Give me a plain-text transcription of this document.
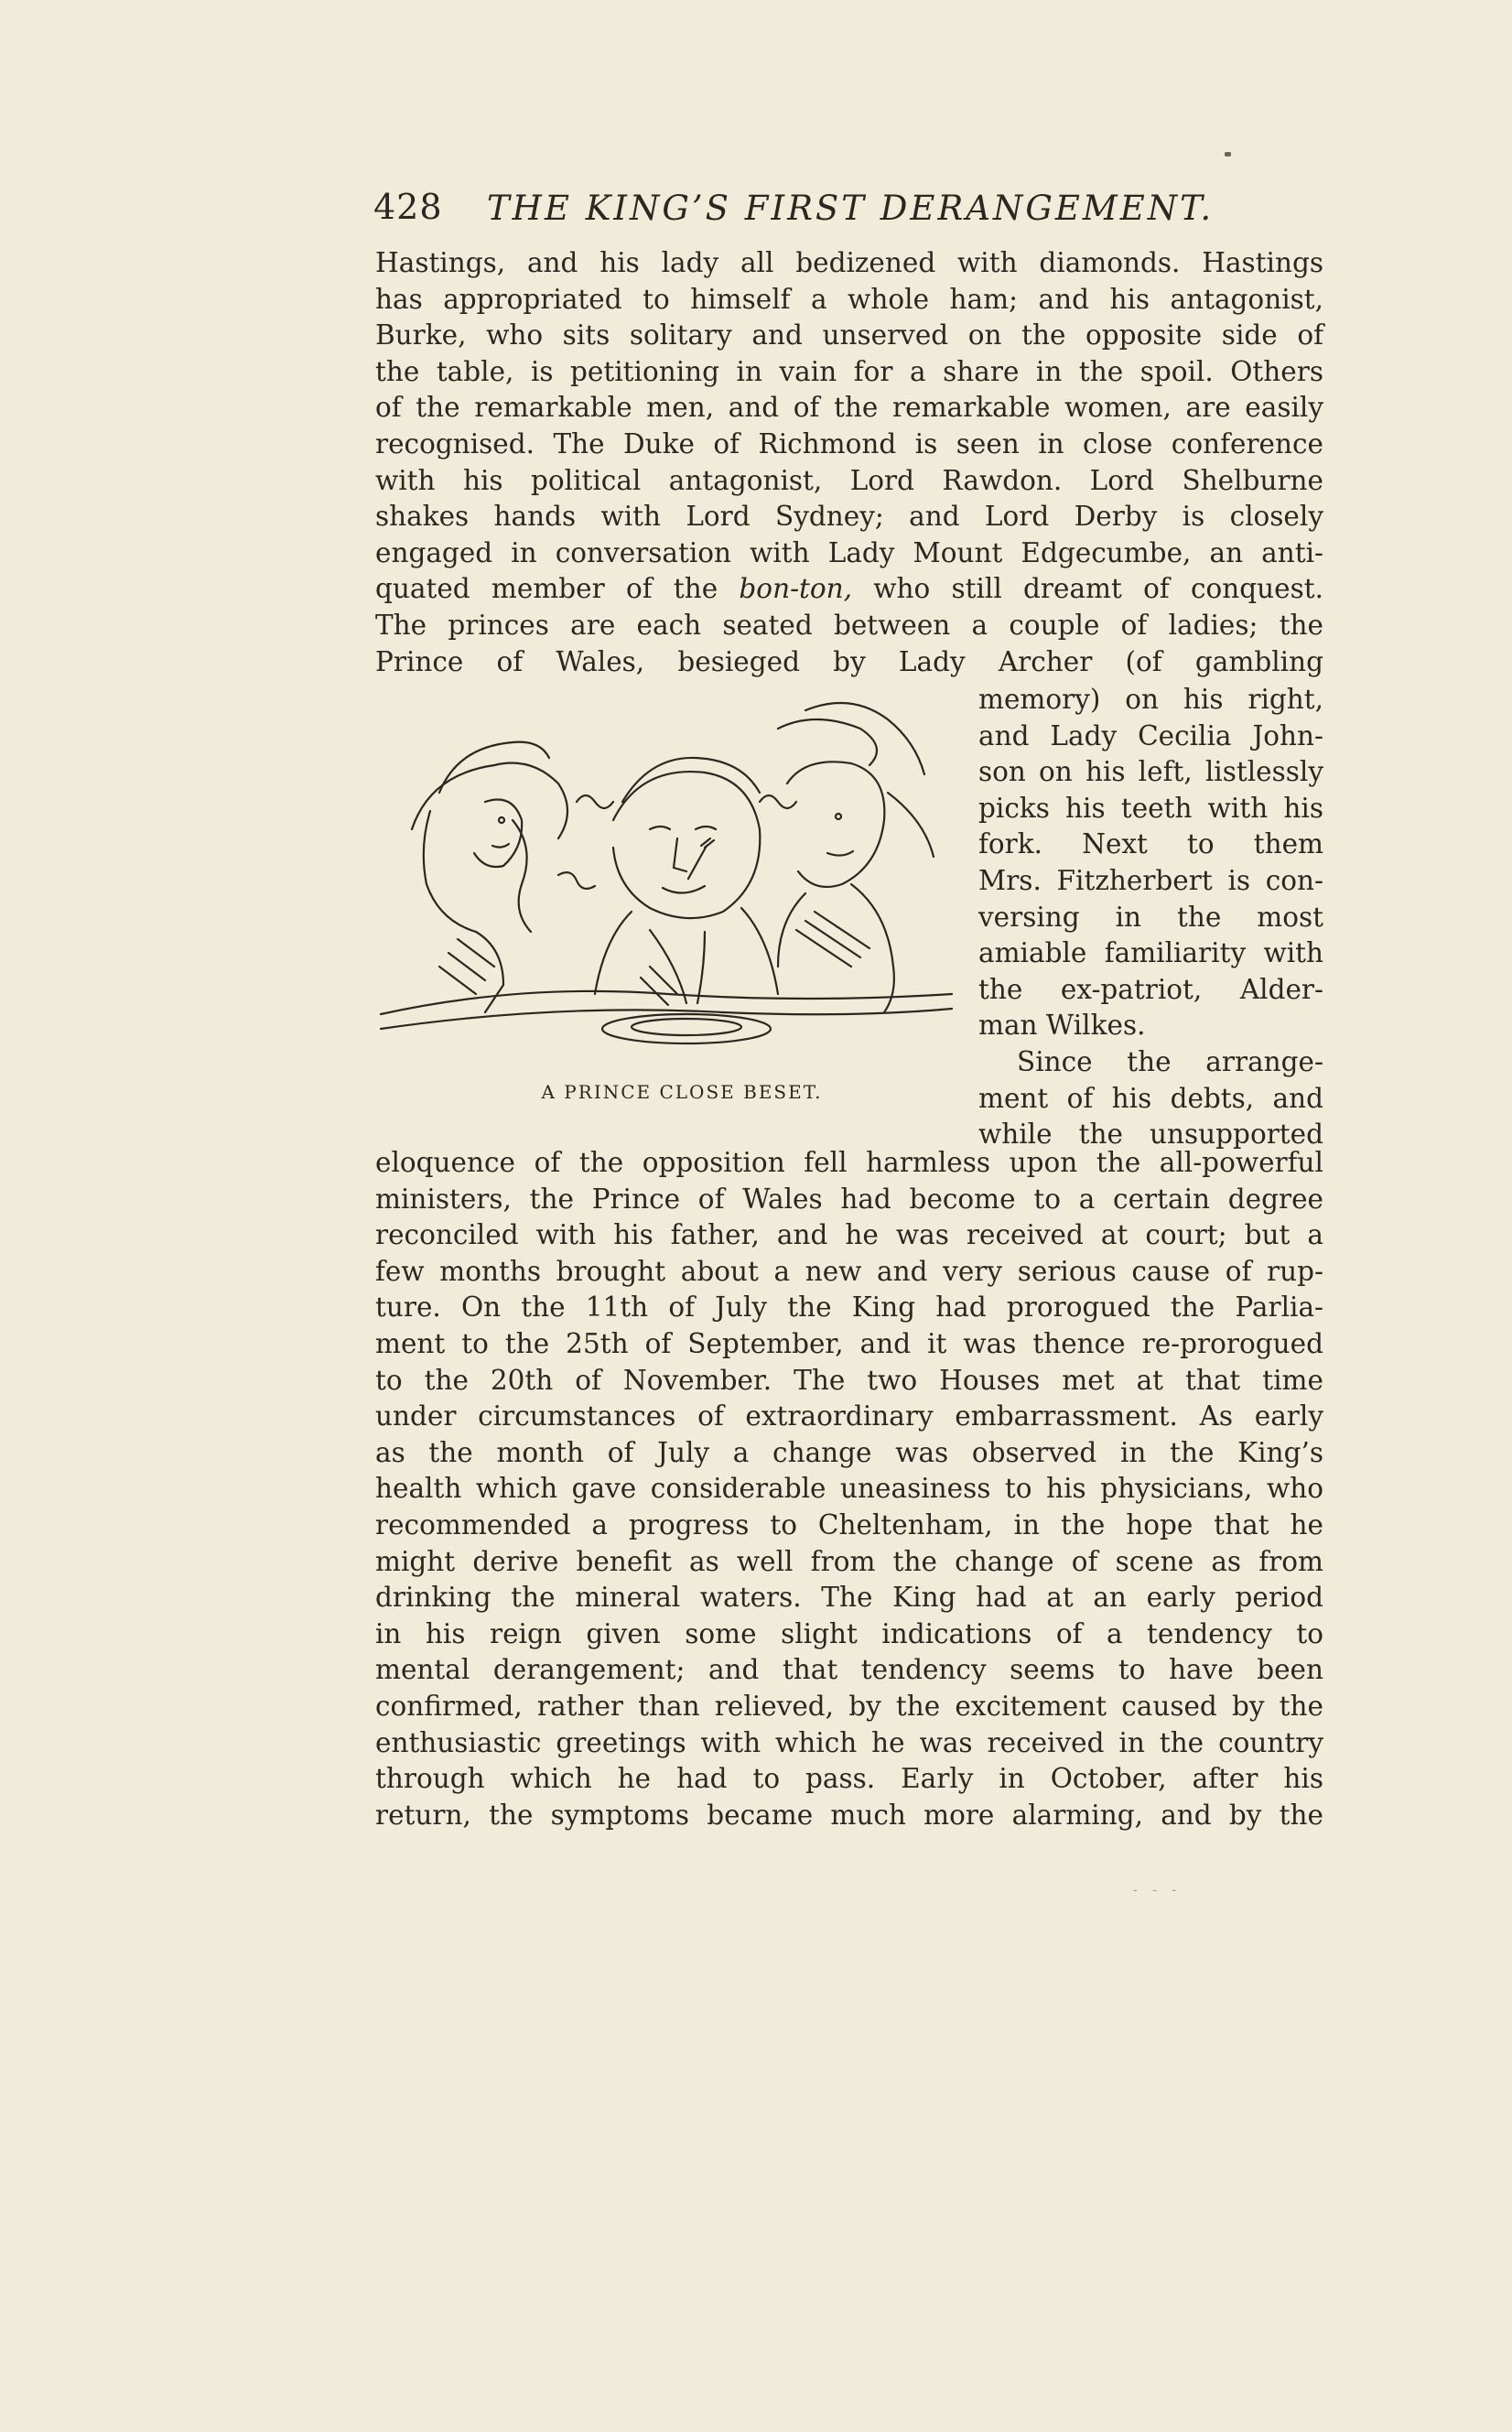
428 THE KING’S FIRST DERANGEMENT.
Hastings, and his lady all bedizened with diamonds. Hastings
has appropriated to himself a whole ham; and his antagonist,
Burke, who sits solitary and unserved on the opposite side of
the table, is petitioning in vain for a share in the spoil. Others
of the remarkable men, and of the remarkable women, are easily
recognised. The Duke of Richmond is seen in close conference
with his political antagonist, Lord Rawdon. Lord Shelburne
shakes hands with Lord Sydney; and Lord Derby is closely
engaged in conversation with Lady Mount Edgecumbe, an anti-
quated member of the bon-ton, who still dreamt of conquest.
The princes are each seated between a couple of ladies; the
Prince of Wales, besieged by Lady Archer (of gambling
A PRINCE CLOSE BESET.
memory) on his right,
and Lady Cecilia John-
son on his left, listlessly
picks his teeth with his
fork. Next to them
Mrs. Fitzherbert is con-
versing in the most
amiable familiarity with
the ex-patriot, Alder-
man Wilkes.
Since the arrange-
ment of his debts, and
while the unsupported
eloquence of the opposition fell harmless upon the all-powerful
ministers, the Prince of Wales had become to a certain degree
reconciled with his father, and he was received at court; but a
few months brought about a new and very serious cause of rup-
ture. On the 11th of July the King had prorogued the Parlia-
ment to the 25th of September, and it was thence re-prorogued
to the 20th of November. The two Houses met at that time
under circumstances of extraordinary embarrassment. As early
as the month of July a change was observed in the King’s
health which gave considerable uneasiness to his physicians, who
recommended a progress to Cheltenham, in the hope that he
might derive benefit as well from the change of scene as from
drinking the mineral waters. The King had at an early period
in his reign given some slight indications of a tendency to
mental derangement; and that tendency seems to have been
confirmed, rather than relieved, by the excitement caused by the
enthusiastic greetings with which he was received in the country
through which he had to pass. Early in October, after his
return, the symptoms became much more alarming, and by the
- - -
